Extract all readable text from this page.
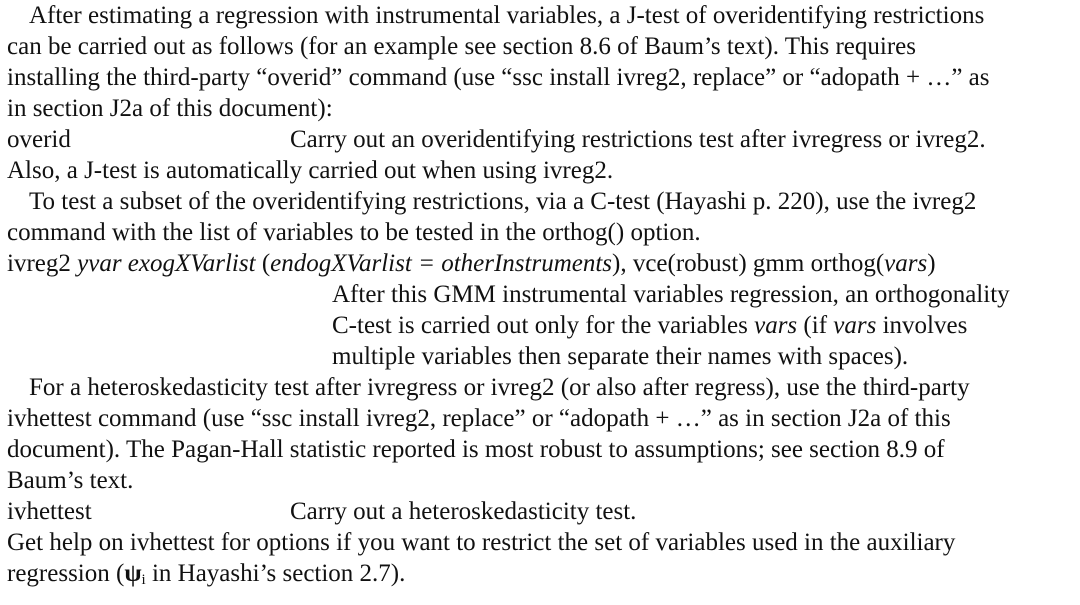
After estimating a regression with instrumental variables, a J-test of overidentifying restrictions
can be carried out as follows (for an example see section 8.6 of Baum’s text). This requires
installing the third-party “overid” command (use “ssc install ivreg2, replace” or “adopath + …” as
in section J2a of this document):
overid	Carry out an overidentifying restrictions test after ivregress or ivreg2.
Also, a J-test is automatically carried out when using ivreg2.
To test a subset of the overidentifying restrictions, via a C-test (Hayashi p. 220), use the ivreg2
command with the list of variables to be tested in the orthog() option.
ivreg2 yvar exogXVarlist (endogXVarlist = otherInstruments), vce(robust) gmm orthog(vars)
After this GMM instrumental variables regression, an orthogonality
C-test is carried out only for the variables vars (if vars involves
multiple variables then separate their names with spaces).
For a heteroskedasticity test after ivregress or ivreg2 (or also after regress), use the third-party
ivhettest command (use “ssc install ivreg2, replace” or “adopath + …” as in section J2a of this
document). The Pagan-Hall statistic reported is most robust to assumptions; see section 8.9 of
Baum’s text.
ivhettest	Carry out a heteroskedasticity test.
Get help on ivhettest for options if you want to restrict the set of variables used in the auxiliary
regression ($\psi_i$ in Hayashi’s section 2.7).
